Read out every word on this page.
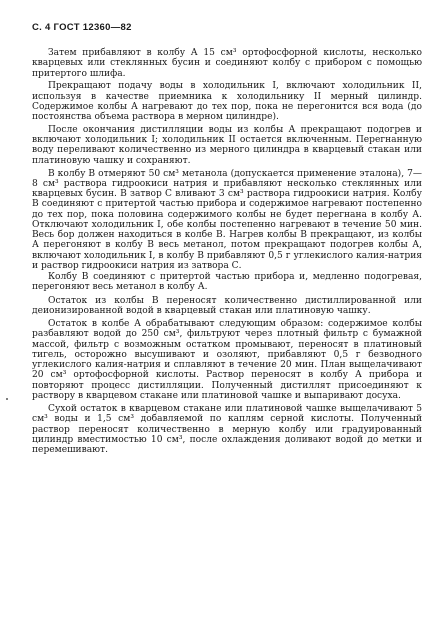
С. 4 ГОСТ 12360—82

Затем прибавляют в колбу А 15 см³ ортофосфорной кислоты, несколько кварцевых или стеклянных бусин и соединяют колбу с прибором с помощью притертого шлифа.

Прекращают подачу воды в холодильник I, включают холодильник II, используя в качестве приемника к холодильнику II мерный цилиндр. Содержимое колбы А нагревают до тех пор, пока не перегонится вся вода (до постоянства объема раствора в мерном цилиндре).

После окончания дистилляции воды из колбы А прекращают подогрев и включают холодильник I; холодильник II остается включенным. Перегнанную воду переливают количественно из мерного цилиндра в кварцевый стакан или платиновую чашку и сохраняют.

В колбу В отмеряют 50 см³ метанола (допускается применение эталона), 7—8 см³ раствора гидроокиси натрия и прибавляют несколько стеклянных или кварцевых бусин. В затвор С вливают 3 см³ раствора гидроокиси натрия. Колбу В соединяют с притертой частью прибора и содержимое нагревают постепенно до тех пор, пока половина содержимого колбы не будет перегнана в колбу А. Отключают холодильник I, обе колбы постепенно нагревают в течение 50 мин. Весь бор должен находиться в колбе В. Нагрев колбы В прекращают, из колбы А перегоняют в колбу В весь метанол, потом прекращают подогрев колбы А, включают холодильник I, в колбу В прибавляют 0,5 г углекислого калия-натрия и раствор гидроокиси натрия из затвора С.

Колбу В соединяют с притертой частью прибора и, медленно подогревая, перегоняют весь метанол в колбу А.

Остаток из колбы В переносят количественно дистиллированной или деионизированной водой в кварцевый стакан или платиновую чашку.

Остаток в колбе А обрабатывают следующим образом: содержимое колбы разбавляют водой до 250 см³, фильтруют через плотный фильтр с бумажной массой, фильтр с возможным остатком промывают, переносят в платиновый тигель, осторожно высушивают и озоляют, прибавляют 0,5 г безводного углекислого калия-натрия и сплавляют в течение 20 мин. План выщелачивают 20 см³ ортофосфорной кислоты. Раствор переносят в колбу А прибора и повторяют процесс дистилляции. Полученный дистиллят присоединяют к раствору в кварцевом стакане или платиновой чашке и выпаривают досуха.

Сухой остаток в кварцевом стакане или платиновой чашке выщелачивают 5 см³ воды и 1,5 см³ добавляемой по каплям серной кислоты. Полученный раствор переносят количественно в мерную колбу или градуированный цилиндр вместимостью 10 см³, после охлаждения доливают водой до метки и перемешивают.
